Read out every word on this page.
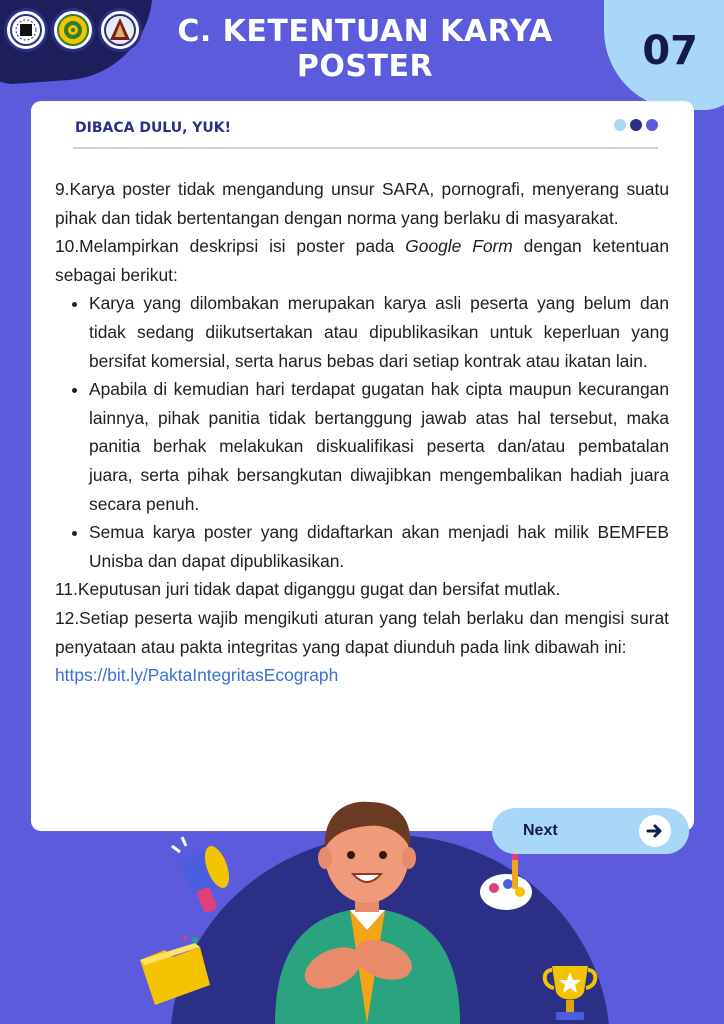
C. KETENTUAN KARYA
POSTER	07
DIBACA DULU, YUK!

9.Karya poster tidak mengandung unsur SARA, pornografi, menyerang suatu pihak dan tidak bertentangan dengan norma yang berlaku di masyarakat.

10.Melampirkan deskripsi isi poster pada Google Form dengan ketentuan sebagai berikut:

• Karya yang dilombakan merupakan karya asli peserta yang belum dan tidak sedang diikutsertakan atau dipublikasikan untuk keperluan yang bersifat komersial, serta harus bebas dari setiap kontrak atau ikatan lain.
• Apabila di kemudian hari terdapat gugatan hak cipta maupun kecurangan lainnya, pihak panitia tidak bertanggung jawab atas hal tersebut, maka panitia berhak melakukan diskualifikasi peserta dan/atau pembatalan juara, serta pihak bersangkutan diwajibkan mengembalikan hadiah juara secara penuh.
• Semua karya poster yang didaftarkan akan menjadi hak milik BEMFEB Unisba dan dapat dipublikasikan.

11.Keputusan juri tidak dapat diganggu gugat dan bersifat mutlak.

12.Setiap peserta wajib mengikuti aturan yang telah berlaku dan mengisi surat penyataan atau pakta integritas yang dapat diunduh pada link dibawah ini:

https://bit.ly/PaktaIntegritasEcograph
Next
